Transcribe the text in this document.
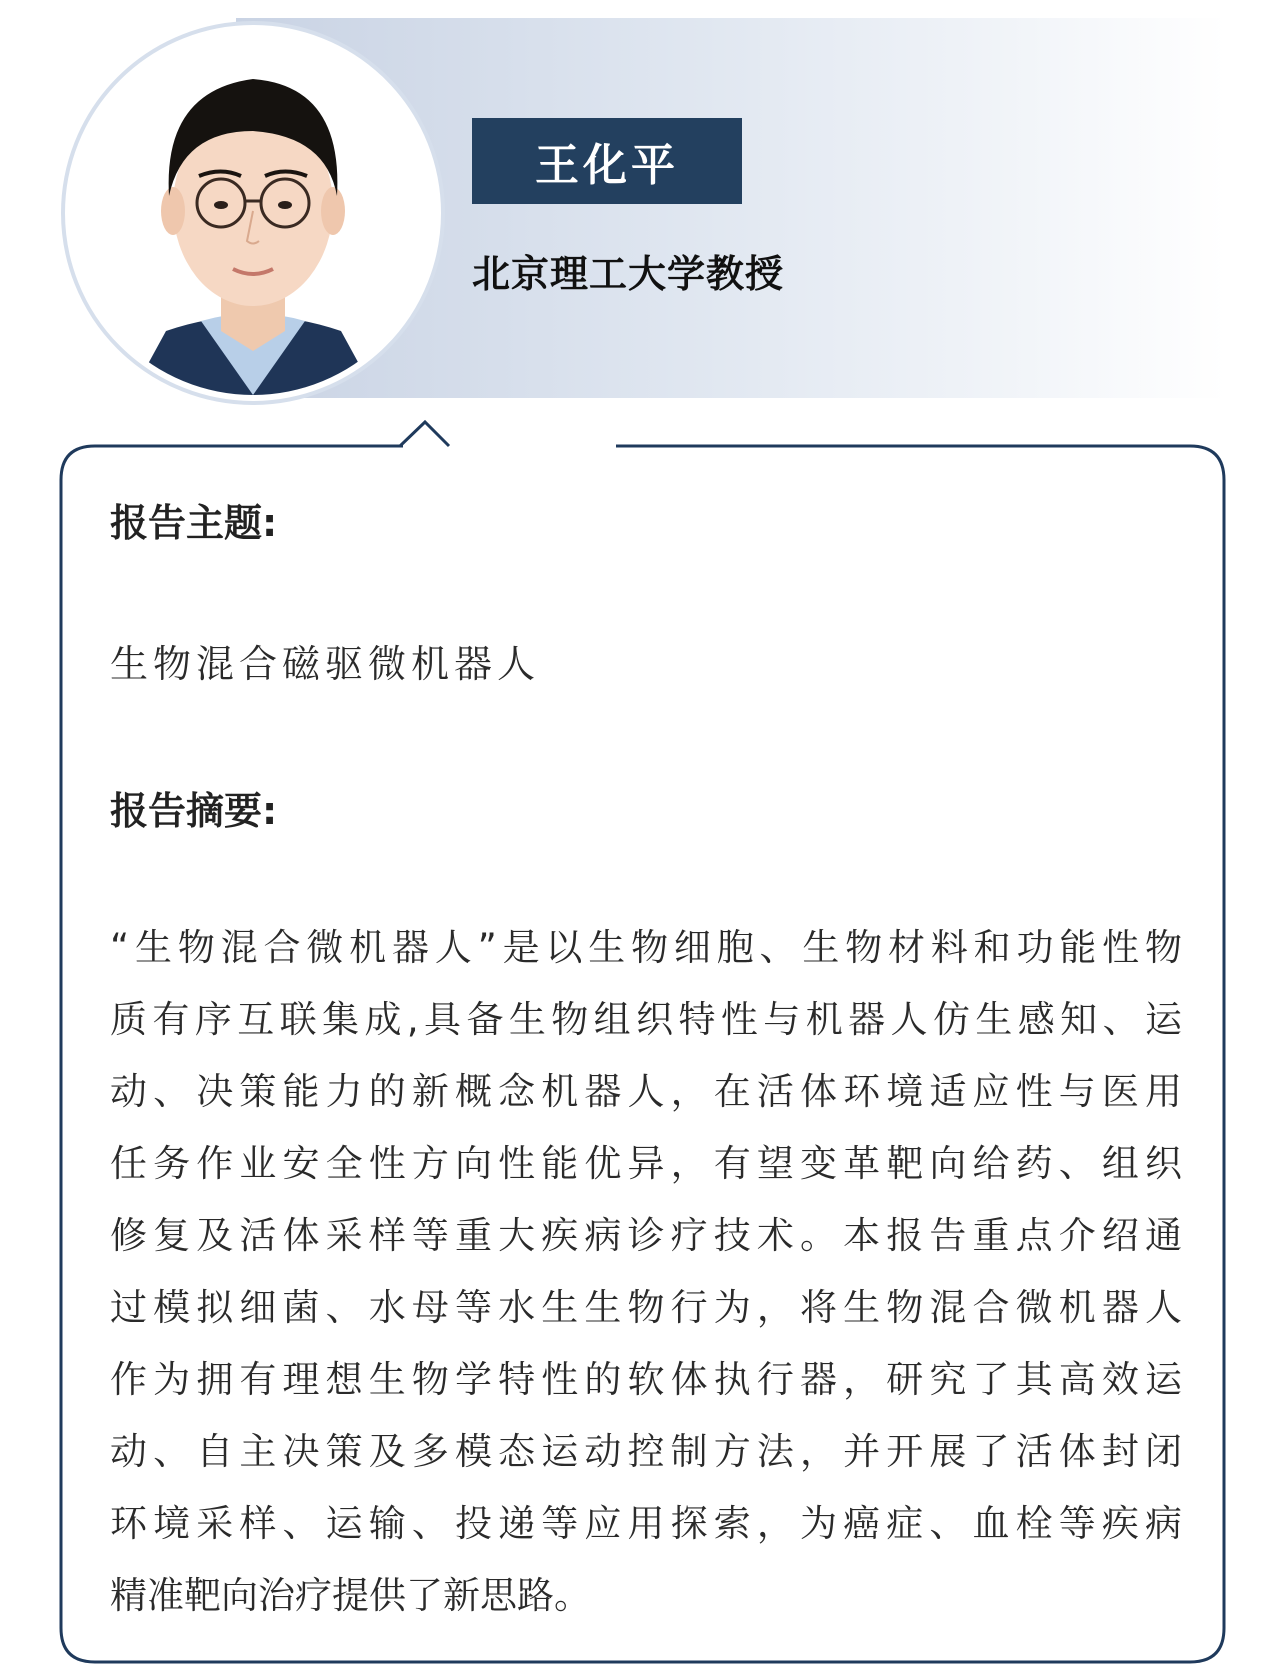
王化平
北京理工大学教授
报告主题:
生物混合磁驱微机器人
报告摘要:
“生物混合微机器人”是以生物细胞、生物材料和功能性物
质有序互联集成,具备生物组织特性与机器人仿生感知、运
动、决策能力的新概念机器人，在活体环境适应性与医用
任务作业安全性方向性能优异，有望变革靶向给药、组织
修复及活体采样等重大疾病诊疗技术。本报告重点介绍通
过模拟细菌、水母等水生生物行为，将生物混合微机器人
作为拥有理想生物学特性的软体执行器，研究了其高效运
动、自主决策及多模态运动控制方法，并开展了活体封闭
环境采样、运输、投递等应用探索，为癌症、血栓等疾病
精准靶向治疗提供了新思路。
